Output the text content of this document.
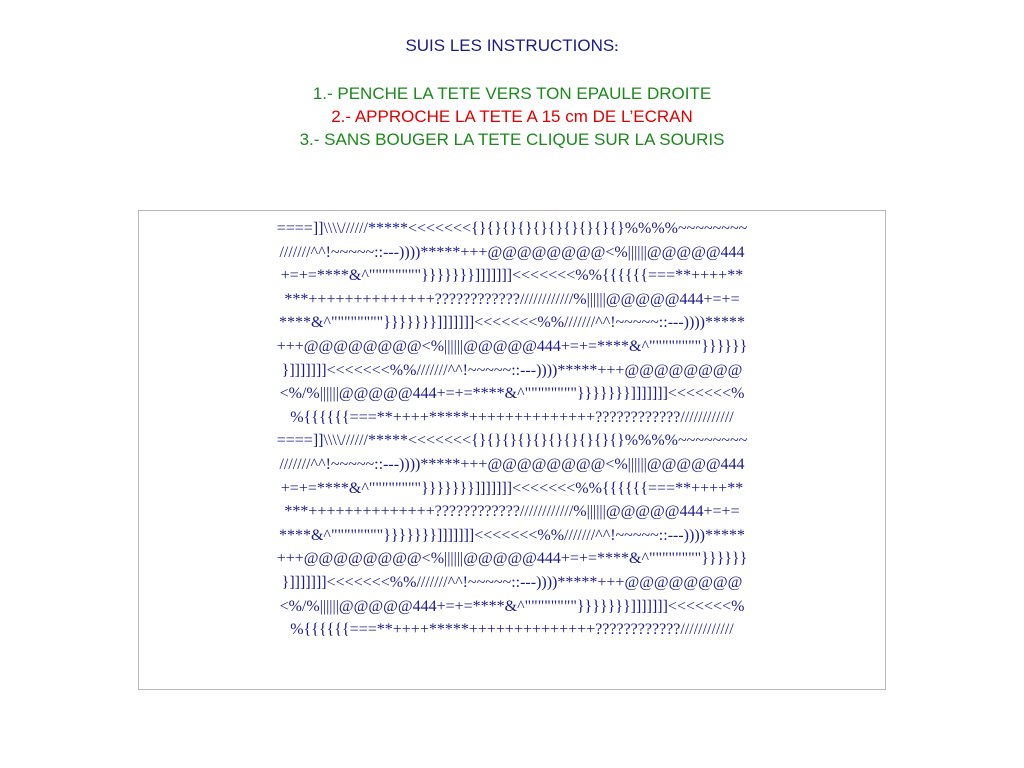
SUIS LES INSTRUCTIONS:
1.- PENCHE LA TETE VERS TON EPAULE DROITE
2.- APPROCHE LA TETE A 15 cm DE L’ECRAN
3.- SANS BOUGER LA TETE CLIQUE SUR LA SOURIS
====]]\\\\//////*****<<<<<<<{}{}{}{}{}{}{}{}{}{}%%%%~~~~~~~~
///////^^!~~~~~::---))))*****+++@@@@@@@@<%||||||@@@@@444
+=+=****&^""""""""}}}}}}}]]]]]]]<<<<<<<%%{{{{{{===**++++**
***++++++++++++++????????????////////////%||||||@@@@@444+=+=
****&^""""""""}}}}}}}]]]]]]]<<<<<<<%%///////^^!~~~~~::---))))*****
+++@@@@@@@@<%||||||@@@@@444+=+=****&^""""""""}}}}}}
}]]]]]]]<<<<<<<%%///////^^!~~~~~::---))))*****+++@@@@@@@@
<%/%||||||@@@@@444+=+=****&^""""""""}}}}}}}]]]]]]]<<<<<<<%
%{{{{{{===**++++*****++++++++++++++????????????////////////
====]]\\\\//////*****<<<<<<<{}{}{}{}{}{}{}{}{}{}%%%%~~~~~~~~
///////^^!~~~~~::---))))*****+++@@@@@@@@<%||||||@@@@@444
+=+=****&^""""""""}}}}}}}]]]]]]]<<<<<<<%%{{{{{{===**++++**
***++++++++++++++????????????////////////%||||||@@@@@444+=+=
****&^""""""""}}}}}}}]]]]]]]<<<<<<<%%///////^^!~~~~~::---))))*****
+++@@@@@@@@<%||||||@@@@@444+=+=****&^""""""""}}}}}}
}]]]]]]]<<<<<<<%%///////^^!~~~~~::---))))*****+++@@@@@@@@
<%/%||||||@@@@@444+=+=****&^""""""""}}}}}}}]]]]]]]<<<<<<<%
%{{{{{{===**++++*****++++++++++++++????????????////////////
